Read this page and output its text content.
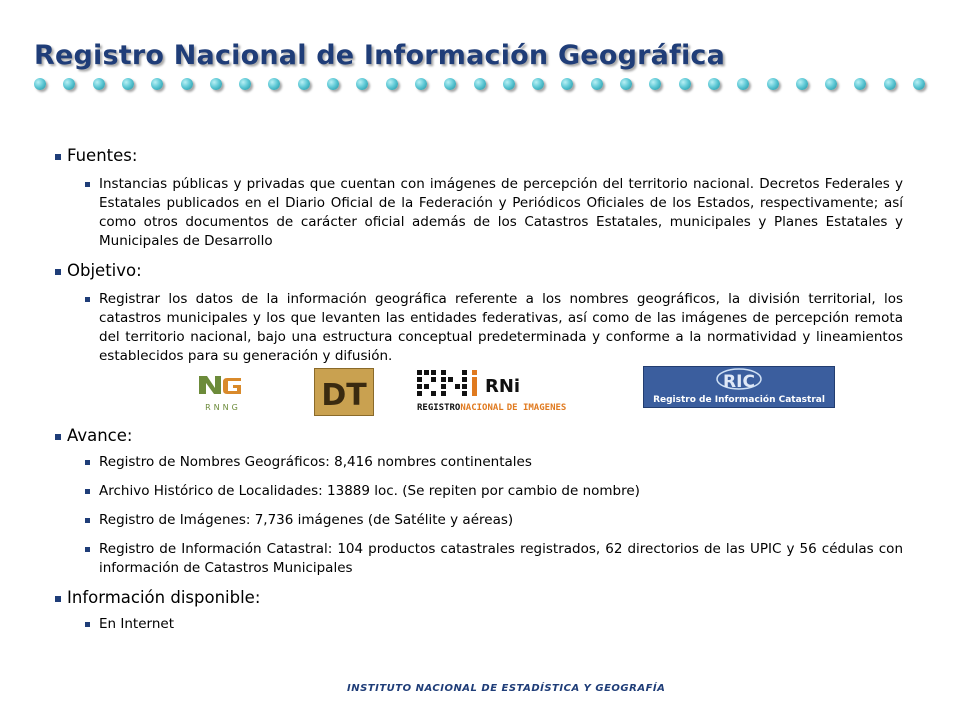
Registro Nacional de Información Geográfica
Fuentes:
Instancias públicas y privadas que cuentan con imágenes de percepción del territorio nacional. Decretos Federales y Estatales publicados en el Diario Oficial de la Federación y Periódicos Oficiales de los Estados, respectivamente; así como otros documentos de carácter oficial además de los Catastros Estatales, municipales y Planes Estatales y Municipales de Desarrollo
Objetivo:
Registrar los datos de la información geográfica referente a los nombres geográficos, la división territorial, los catastros municipales y los que levanten las entidades federativas, así como de las imágenes de percepción remota del territorio nacional, bajo una estructura conceptual predeterminada y conforme a la normatividad y lineamientos establecidos para su generación y difusión.
RNNG	DT	RNi
REGISTRONACIONAL DE IMAGENES
RIC
Registro de Información Catastral
Avance:
Registro de Nombres Geográficos: 8,416 nombres continentales
Archivo Histórico de Localidades: 13889 loc. (Se repiten por cambio de nombre)
Registro de Imágenes: 7,736 imágenes (de Satélite y aéreas)
Registro de Información Catastral: 104 productos catastrales registrados, 62 directorios de las UPIC y 56 cédulas con información de Catastros Municipales
Información disponible:
En Internet
INSTITUTO NACIONAL DE ESTADÍSTICA Y GEOGRAFÍA
